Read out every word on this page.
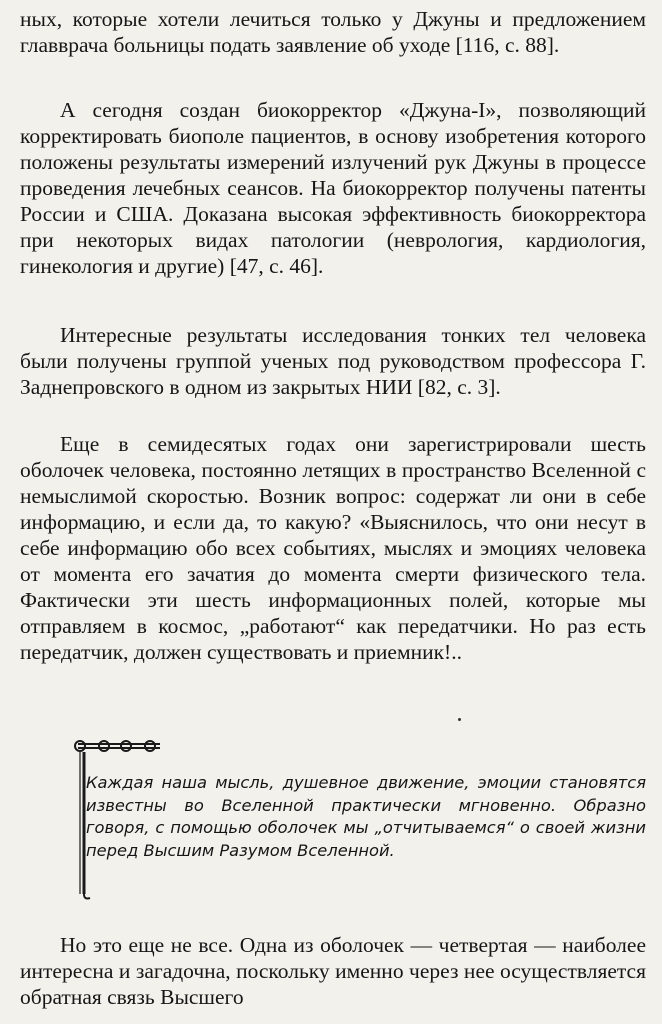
ных, которые хотели лечиться только у Джуны и предложением главврача больницы подать заявление об уходе [116, с. 88].

А сегодня создан биокорректор «Джуна-I», позволяющий корректировать биополе пациентов, в основу изобретения которого положены результаты измерений излучений рук Джуны в процессе проведения лечебных сеансов. На биокорректор получены патенты России и США. Доказана высокая эффективность биокорректора при некоторых видах патологии (неврология, кардиология, гинекология и другие) [47, с. 46].

Интересные результаты исследования тонких тел человека были получены группой ученых под руководством профессора Г. Заднепровского в одном из закрытых НИИ [82, с. 3].

Еще в семидесятых годах они зарегистрировали шесть оболочек человека, постоянно летящих в пространство Вселенной с немыслимой скоростью. Возник вопрос: содержат ли они в себе информацию, и если да, то какую? «Выяснилось, что они несут в себе информацию обо всех событиях, мыслях и эмоциях человека от момента его зачатия до момента смерти физического тела. Фактически эти шесть информационных полей, которые мы отправляем в космос, „работают“ как передатчики. Но раз есть передатчик, должен существовать и приемник!..

Каждая наша мысль, душевное движение, эмоции становятся известны во Вселенной практически мгновенно. Образно говоря, с помощью оболочек мы „отчитываемся“ о своей жизни перед Высшим Разумом Вселенной.

Но это еще не все. Одна из оболочек — четвертая — наиболее интересна и загадочна, поскольку именно через нее осуществляется обратная связь Высшего
